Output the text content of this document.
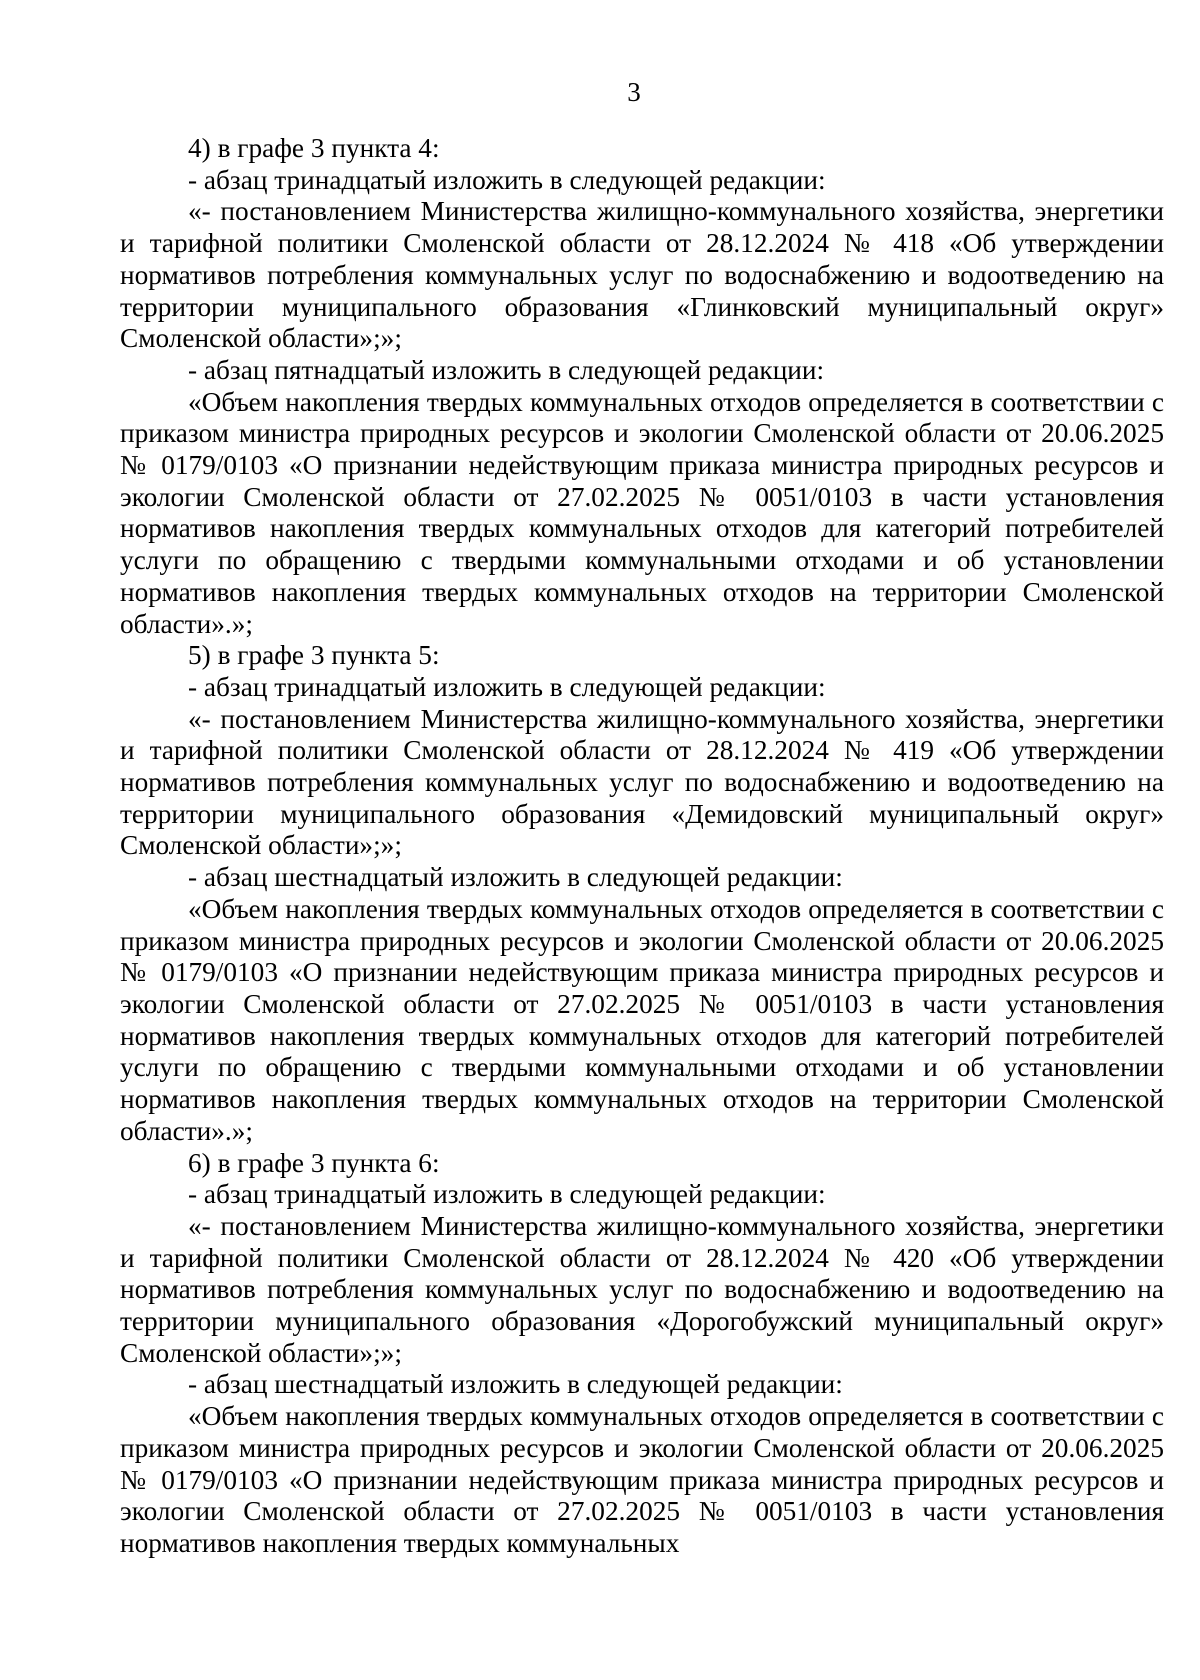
3

4) в графе 3 пункта 4:

- абзац тринадцатый изложить в следующей редакции:

«- постановлением Министерства жилищно-коммунального хозяйства, энергетики и тарифной политики Смоленской области от 28.12.2024 № 418 «Об утверждении нормативов потребления коммунальных услуг по водоснабжению и водоотведению на территории муниципального образования «Глинковский муниципальный округ» Смоленской области»;»;

- абзац пятнадцатый изложить в следующей редакции:

«Объем накопления твердых коммунальных отходов определяется в соответствии с приказом министра природных ресурсов и экологии Смоленской области от 20.06.2025 № 0179/0103 «О признании недействующим приказа министра природных ресурсов и экологии Смоленской области от 27.02.2025 № 0051/0103 в части установления нормативов накопления твердых коммунальных отходов для категорий потребителей услуги по обращению с твердыми коммунальными отходами и об установлении нормативов накопления твердых коммунальных отходов на территории Смоленской области».»;

5) в графе 3 пункта 5:

- абзац тринадцатый изложить в следующей редакции:

«- постановлением Министерства жилищно-коммунального хозяйства, энергетики и тарифной политики Смоленской области от 28.12.2024 № 419 «Об утверждении нормативов потребления коммунальных услуг по водоснабжению и водоотведению на территории муниципального образования «Демидовский муниципальный округ» Смоленской области»;»;

- абзац шестнадцатый изложить в следующей редакции:

«Объем накопления твердых коммунальных отходов определяется в соответствии с приказом министра природных ресурсов и экологии Смоленской области от 20.06.2025 № 0179/0103 «О признании недействующим приказа министра природных ресурсов и экологии Смоленской области от 27.02.2025 № 0051/0103 в части установления нормативов накопления твердых коммунальных отходов для категорий потребителей услуги по обращению с твердыми коммунальными отходами и об установлении нормативов накопления твердых коммунальных отходов на территории Смоленской области».»;

6) в графе 3 пункта 6:

- абзац тринадцатый изложить в следующей редакции:

«- постановлением Министерства жилищно-коммунального хозяйства, энергетики и тарифной политики Смоленской области от 28.12.2024 № 420 «Об утверждении нормативов потребления коммунальных услуг по водоснабжению и водоотведению на территории муниципального образования «Дорогобужский муниципальный округ» Смоленской области»;»;

- абзац шестнадцатый изложить в следующей редакции:

«Объем накопления твердых коммунальных отходов определяется в соответствии с приказом министра природных ресурсов и экологии Смоленской области от 20.06.2025 № 0179/0103 «О признании недействующим приказа министра природных ресурсов и экологии Смоленской области от 27.02.2025 № 0051/0103 в части установления нормативов накопления твердых коммунальных
